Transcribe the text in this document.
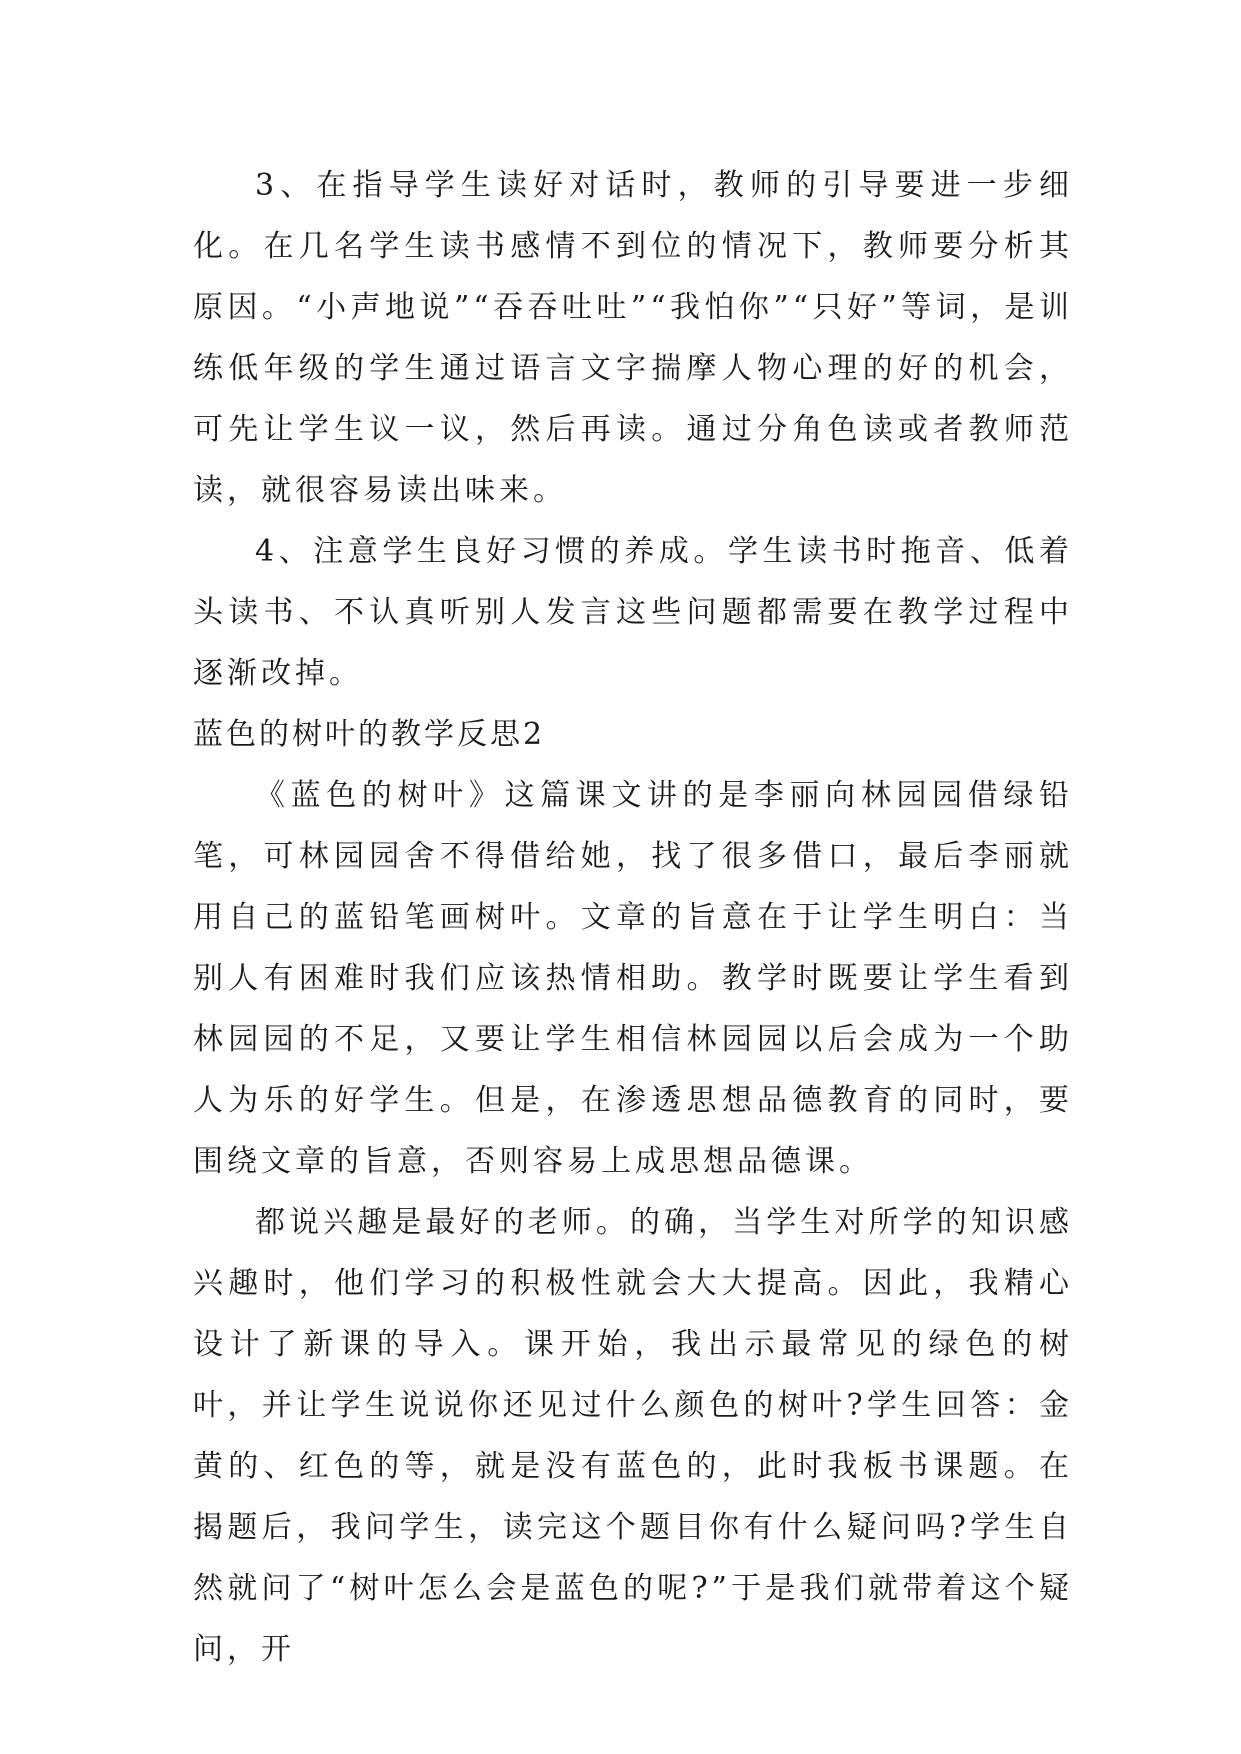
3、在指导学生读好对话时，教师的引导要进一步细化。在几名学生读书感情不到位的情况下，教师要分析其原因。“小声地说”“吞吞吐吐”“我怕你”“只好”等词，是训练低年级的学生通过语言文字揣摩人物心理的好的机会，可先让学生议一议，然后再读。通过分角色读或者教师范读，就很容易读出味来。

4、注意学生良好习惯的养成。学生读书时拖音、低着头读书、不认真听别人发言这些问题都需要在教学过程中逐渐改掉。

蓝色的树叶的教学反思2

《蓝色的树叶》这篇课文讲的是李丽向林园园借绿铅笔，可林园园舍不得借给她，找了很多借口，最后李丽就用自己的蓝铅笔画树叶。文章的旨意在于让学生明白：当别人有困难时我们应该热情相助。教学时既要让学生看到林园园的不足，又要让学生相信林园园以后会成为一个助人为乐的好学生。但是，在渗透思想品德教育的同时，要围绕文章的旨意，否则容易上成思想品德课。

都说兴趣是最好的老师。的确，当学生对所学的知识感兴趣时，他们学习的积极性就会大大提高。因此，我精心设计了新课的导入。课开始，我出示最常见的绿色的树叶，并让学生说说你还见过什么颜色的树叶?学生回答：金黄的、红色的等，就是没有蓝色的，此时我板书课题。在揭题后，我问学生，读完这个题目你有什么疑问吗?学生自然就问了“树叶怎么会是蓝色的呢?”于是我们就带着这个疑问，开
